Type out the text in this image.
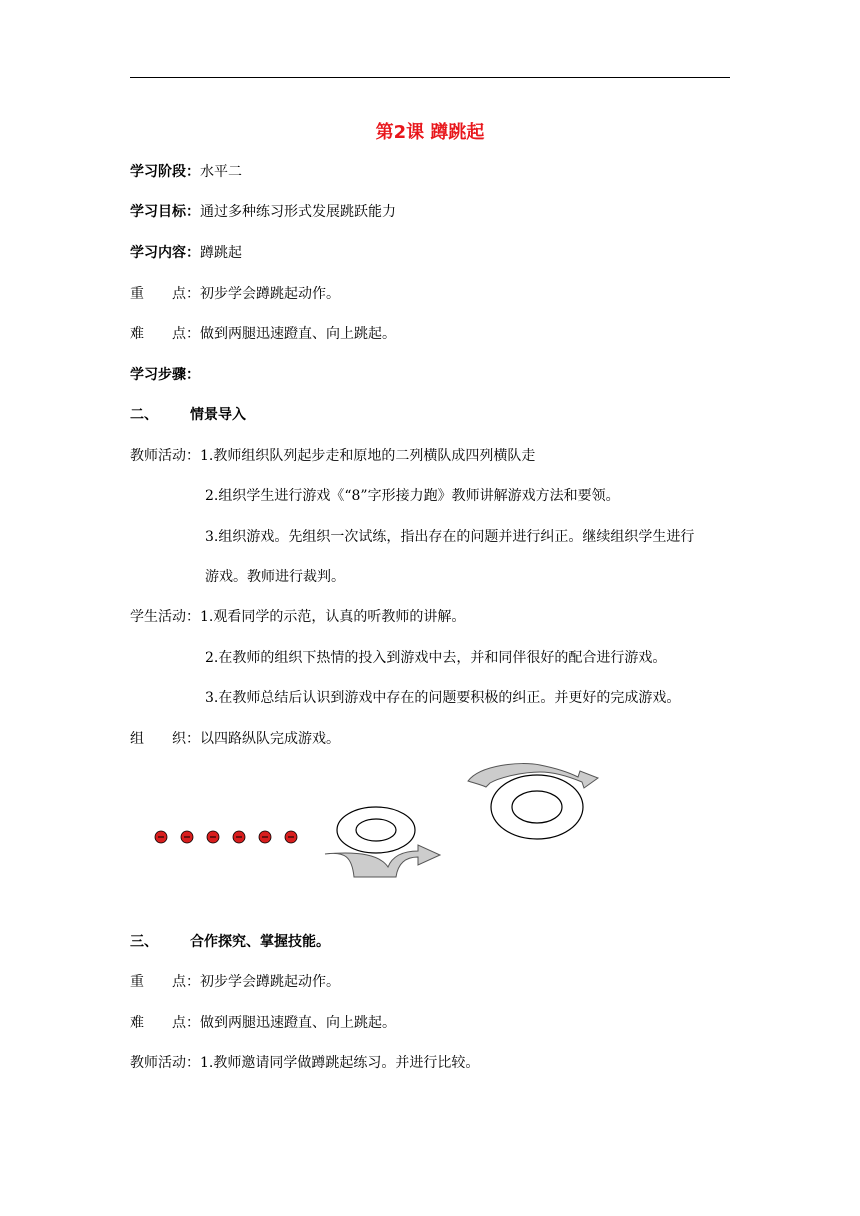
第2课 蹲跳起
学习阶段：水平二
学习目标：通过多种练习形式发展跳跃能力
学习内容：蹲跳起
重　　点：初步学会蹲跳起动作。
难　　点：做到两腿迅速蹬直、向上跳起。
学习步骤：
二、 情景导入
教师活动：1.教师组织队列起步走和原地的二列横队成四列横队走
2.组织学生进行游戏《“8”字形接力跑》教师讲解游戏方法和要领。
3.组织游戏。先组织一次试练，指出存在的问题并进行纠正。继续组织学生进行
游戏。教师进行裁判。
学生活动：1.观看同学的示范，认真的听教师的讲解。
2.在教师的组织下热情的投入到游戏中去，并和同伴很好的配合进行游戏。
3.在教师总结后认识到游戏中存在的问题要积极的纠正。并更好的完成游戏。
组　　织：以四路纵队完成游戏。
三、 合作探究、掌握技能。
重　　点：初步学会蹲跳起动作。
难　　点：做到两腿迅速蹬直、向上跳起。
教师活动：1.教师邀请同学做蹲跳起练习。并进行比较。
